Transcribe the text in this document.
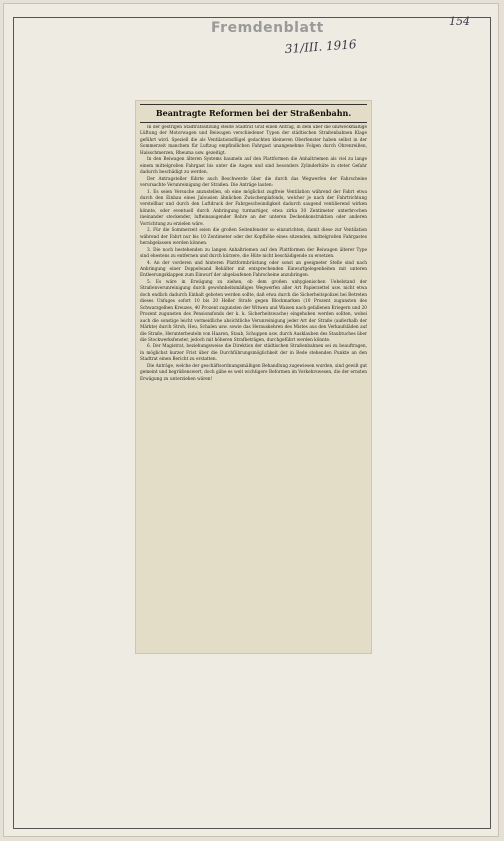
Fremdenblatt
31/III. 1916
154
Beantragte Reformen bei der Straßenbahn.

In der gestrigen Stadtratssitzung stellte Stadtrat Gräf einen Antrag, in dem über die unzweckmäßige Lüftung der Motorwagen und Beiwagen verschiedener Typen der städtischen Straßenbahnen Klage geführt wird. Speziell die als Ventilationsflügel gedachten kleineren Oberfenster haben selbst in der Sommerzeit manchem für Luftzug empfindlichen Fahrgast unangenehme Folgen durch Ohrenreißen, Halsschmerzen, Rheuma usw. gezeitigt.

In den Beiwagen älteren Systems baumeln auf den Plattformen die Anhaltriemen als viel zu lange einem mittelgroßen Fahrgast bis unter die Augen und sind besonders Zylinderhüte in steter Gefahr dadurch beschädigt zu werden.

Der Antragsteller führte auch Beschwerde über die durch das Wegwerfen der Fahrscheine verursachte Verunreinigung der Straßen. Die Anträge lauten:

1. Es seien Versuche anzustellen, ob eine möglichst zugfreie Ventilation während der Fahrt etwa durch den Einbau eines Jalousien ähnlichen Zwischenplafonds, welcher je nach der Fahrtrichtung verstellbar und durch den Luftdruck der Fahrgeschwindigkeit dadurch saugend ventilierend wirken könnte, oder eventuell durch Anbringung turmartiger, etwa zirka 30 Zentimeter unterbrochen ineinander steckender, lufteinsaugender Rohre an der unteren Deckenkonstruktion oder anderen Vorrichtung zu erzielen wäre.

2. Für die Sommerzeit seien die großen Seitenfenster so einzurichten, damit diese zur Ventilation während der Fahrt nur bis 10 Zentimeter oder der Kopfhöhe eines sitzenden, mittelgroßen Fahrgastes herabgelassen werden können.

3. Die noch bestehenden zu langen Anhaltriemen auf den Plattformen der Beiwagen älterer Type sind ehestens zu entfernen und durch kürzere, die Hüte nicht beschädigende zu ersetzen.

4. An der vorderen und hinteren Plattformbrüstung oder sonst an geeigneter Stelle sind nach Anbringung einer Doppelwand Behälter mit entsprechenden Einwurfgelegenheiten mit unteren Entleerungsklappen zum Einwurf der abgelaufenen Fahrscheine anzubringen.

5. Es wäre in Erwägung zu ziehen, ob dem großen unhygienischen Uebelstand der Straßenverunreinigung durch gewohnheitsmäßiges Wegwerfen aller Art Papierzettel usw. nicht etwa doch endlich dadurch Einhalt geboten werden sollte, daß etwa durch die Sicherheitspolizei bei Betreten dieses Unfuges sofort 10 bis 20 Heller Strafe gegen Blockmarken (10 Prozent zugunsten des Schwarzgelben Kreuzes, 40 Prozent zugunsten der Witwen und Waisen nach gefallenen Kriegern und 20 Prozent zugunsten des Pensionsfonds der k. k. Sicherheitswache) eingehoben werden sollten, wobei auch die sonstige leicht vermeidliche absichtliche Verunreinigung jeder Art der Straße (außerhalb der Märkte) durch Stroh, Heu, Schalen usw. sowie das Herauskehren des Mistes aus den Verkaufsläden auf die Straße, Herunterbeuteln von Haaren, Staub, Schuppen usw. durch Ausklauben des Staubtuches über die Stockwerksfenster, jedoch mit höheren Strafbeträgen, durchgeführt werden könnte.

6. Der Magistrat, beziehungsweise die Direktion der städtischen Straßenbahnen sei zu beauftragen, in möglichst kurzer Frist über die Durchführungsmöglichkeit der in Rede stehenden Punkte an den Stadtrat einen Bericht zu erstatten.

Die Anträge, welche der geschäftsordnungsmäßigen Behandlung zugewiesen wurden, sind gewiß gut gemeint und begrüßenswert, doch gäbe es weit wichtigere Reformen im Verkehrswesen, die der ernsten Erwägung zu unterziehen wären!
